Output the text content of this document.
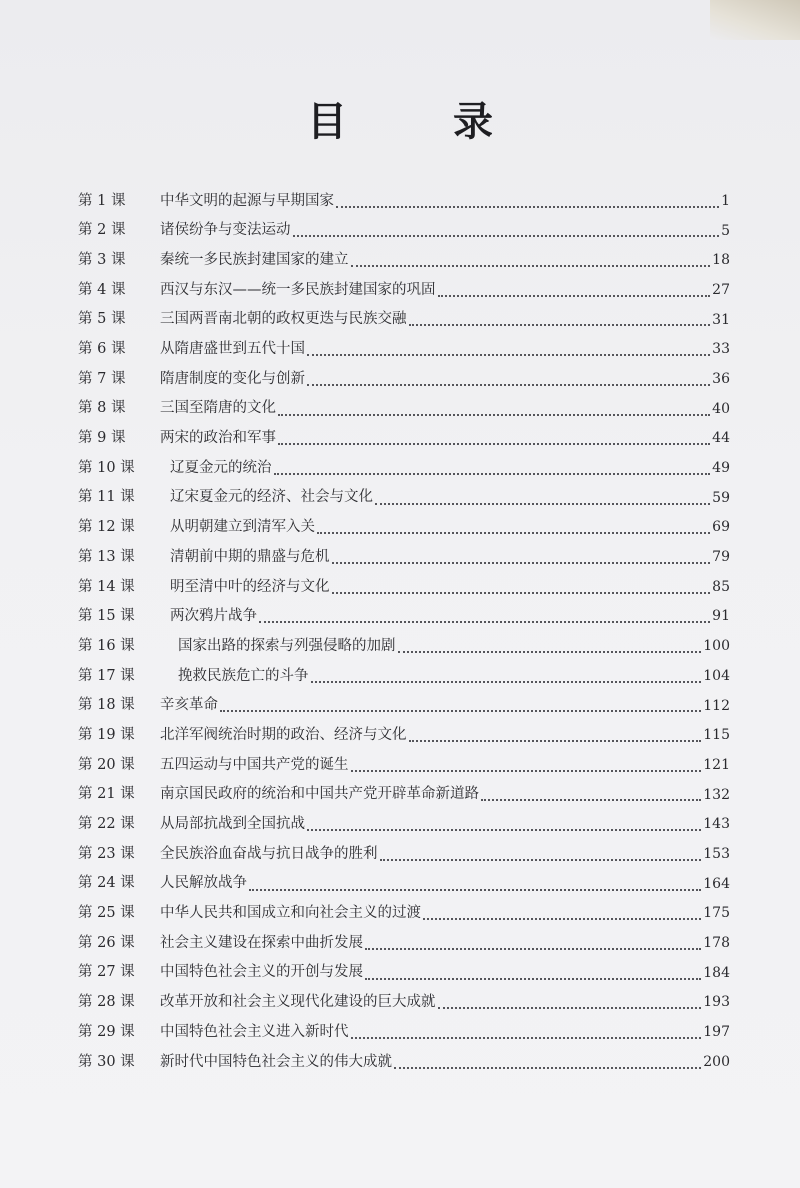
目 录
第 1 课	中华文明的起源与早期国家	1
第 2 课	诸侯纷争与变法运动	5
第 3 课	秦统一多民族封建国家的建立	18
第 4 课	西汉与东汉——统一多民族封建国家的巩固	27
第 5 课	三国两晋南北朝的政权更迭与民族交融	31
第 6 课	从隋唐盛世到五代十国	33
第 7 课	隋唐制度的变化与创新	36
第 8 课	三国至隋唐的文化	40
第 9 课	两宋的政治和军事	44
第 10 课	辽夏金元的统治	49
第 11 课	辽宋夏金元的经济、社会与文化	59
第 12 课	从明朝建立到清军入关	69
第 13 课	清朝前中期的鼎盛与危机	79
第 14 课	明至清中叶的经济与文化	85
第 15 课	两次鸦片战争	91
第 16 课	国家出路的探索与列强侵略的加剧	100
第 17 课	挽救民族危亡的斗争	104
第 18 课	辛亥革命	112
第 19 课	北洋军阀统治时期的政治、经济与文化	115
第 20 课	五四运动与中国共产党的诞生	121
第 21 课	南京国民政府的统治和中国共产党开辟革命新道路	132
第 22 课	从局部抗战到全国抗战	143
第 23 课	全民族浴血奋战与抗日战争的胜利	153
第 24 课	人民解放战争	164
第 25 课	中华人民共和国成立和向社会主义的过渡	175
第 26 课	社会主义建设在探索中曲折发展	178
第 27 课	中国特色社会主义的开创与发展	184
第 28 课	改革开放和社会主义现代化建设的巨大成就	193
第 29 课	中国特色社会主义进入新时代	197
第 30 课	新时代中国特色社会主义的伟大成就	200
